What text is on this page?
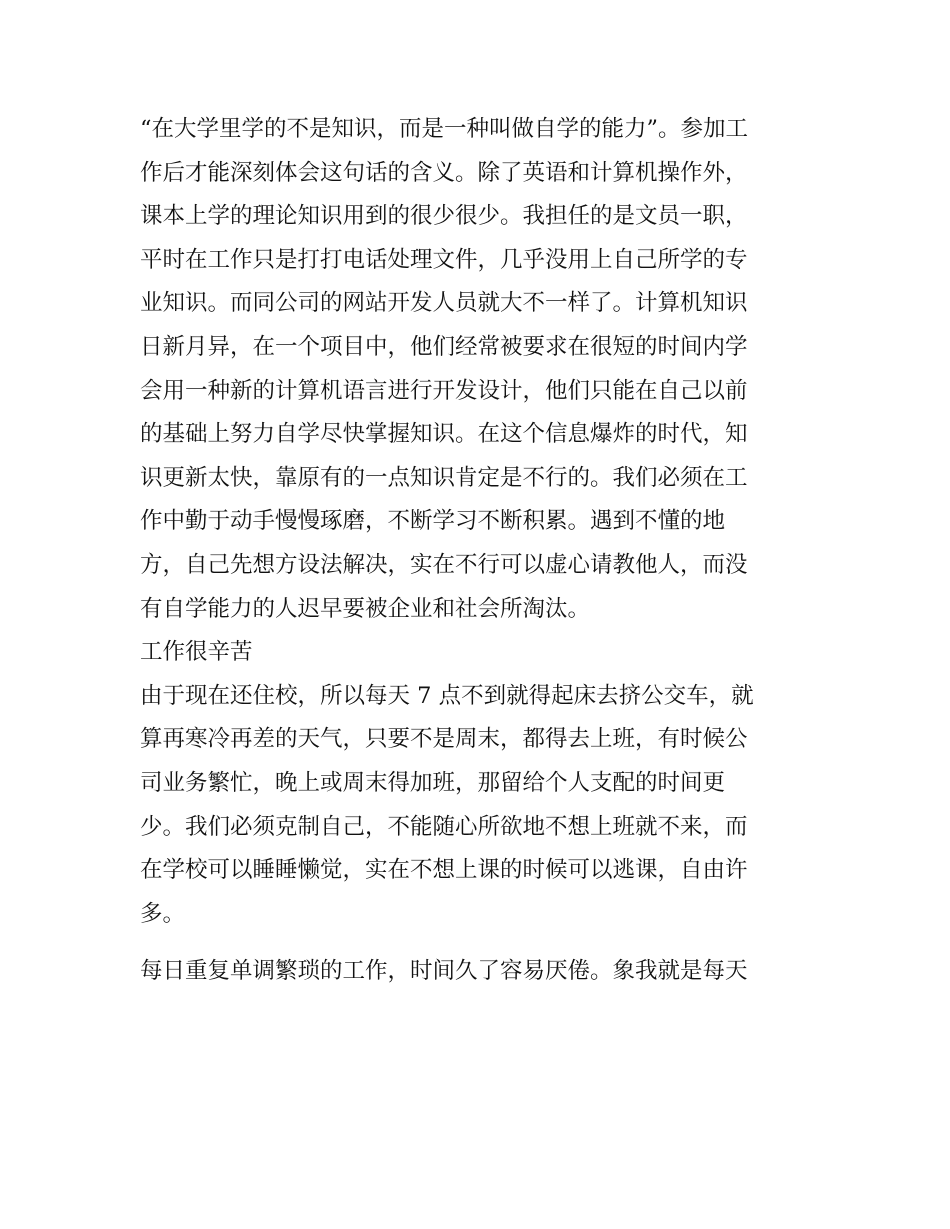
“在大学里学的不是知识，而是一种叫做自学的能力”。参加工
作后才能深刻体会这句话的含义。除了英语和计算机操作外，
课本上学的理论知识用到的很少很少。我担任的是文员一职，
平时在工作只是打打电话处理文件，几乎没用上自己所学的专
业知识。而同公司的网站开发人员就大不一样了。计算机知识
日新月异，在一个项目中，他们经常被要求在很短的时间内学
会用一种新的计算机语言进行开发设计，他们只能在自己以前
的基础上努力自学尽快掌握知识。在这个信息爆炸的时代，知
识更新太快，靠原有的一点知识肯定是不行的。我们必须在工
作中勤于动手慢慢琢磨，不断学习不断积累。遇到不懂的地
方，自己先想方设法解决，实在不行可以虚心请教他人，而没
有自学能力的人迟早要被企业和社会所淘汰。
工作很辛苦
由于现在还住校，所以每天 7 点不到就得起床去挤公交车，就
算再寒冷再差的天气，只要不是周末，都得去上班，有时候公
司业务繁忙，晚上或周末得加班，那留给个人支配的时间更
少。我们必须克制自己，不能随心所欲地不想上班就不来，而
在学校可以睡睡懒觉，实在不想上课的时候可以逃课，自由许
多。
每日重复单调繁琐的工作，时间久了容易厌倦。象我就是每天
